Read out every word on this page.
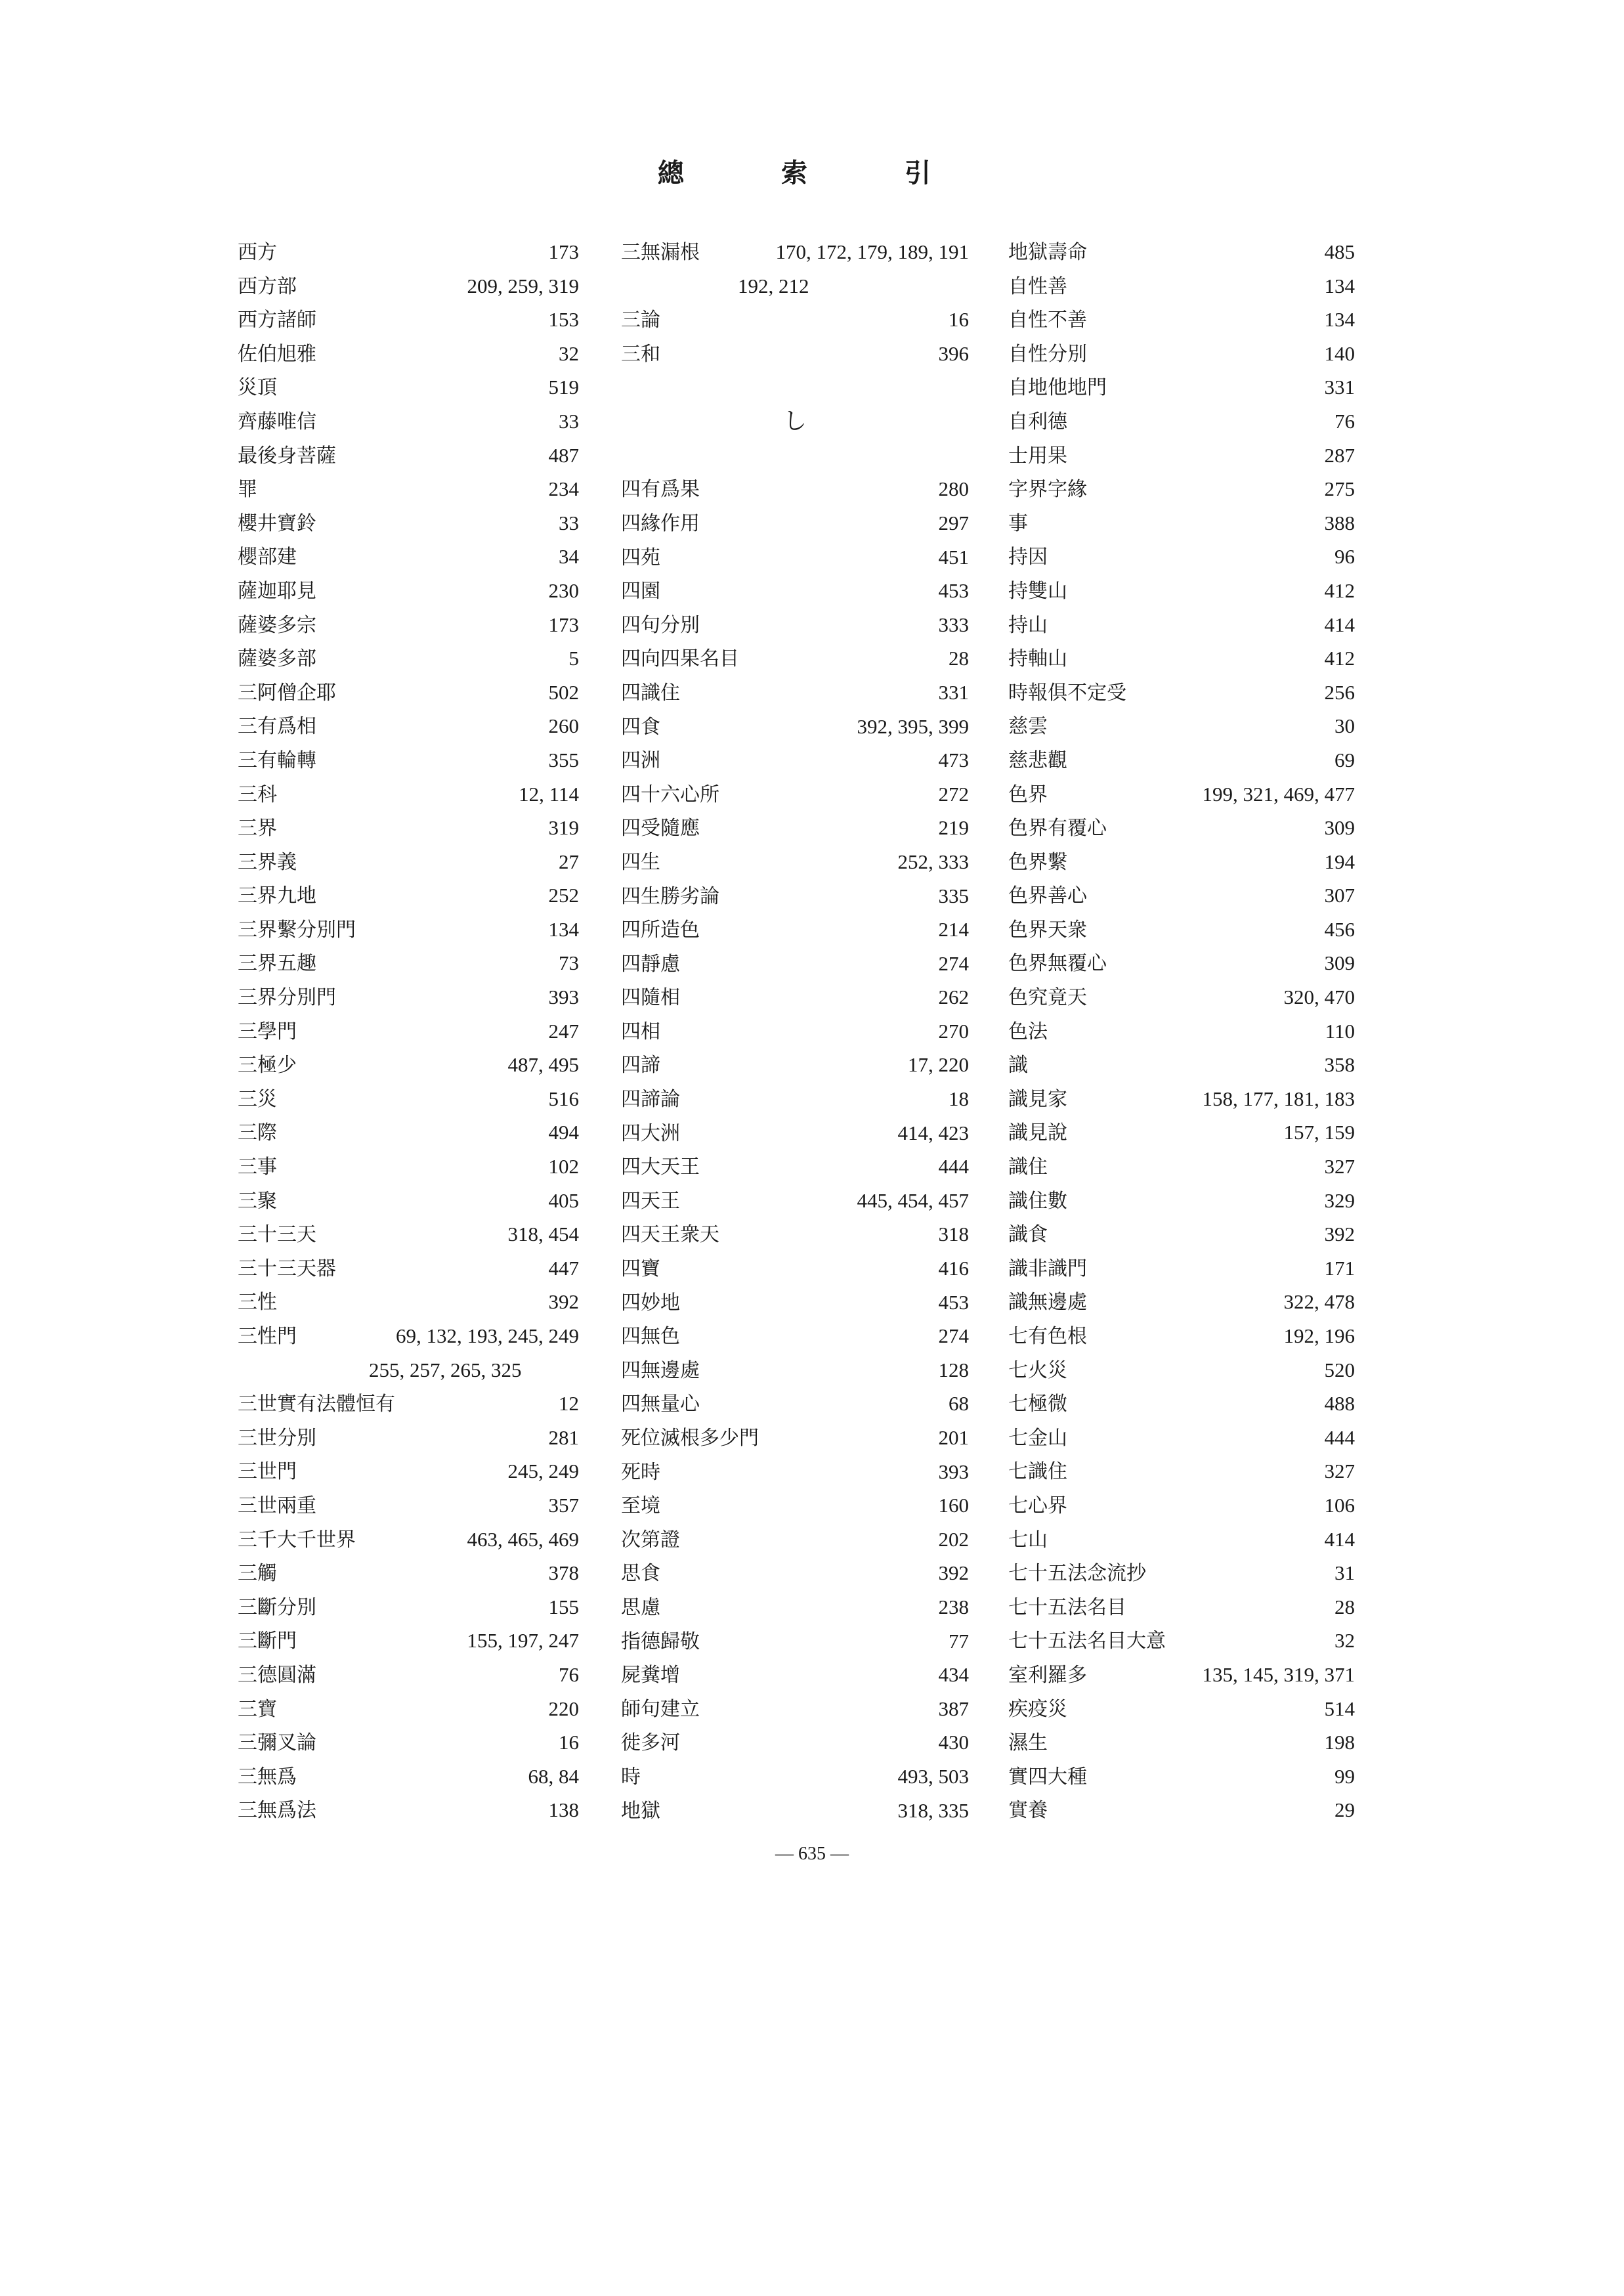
總　索　引
西方	173
西方部	209, 259, 319
西方諸師	153
佐伯旭雅	32
災頂	519
齊藤唯信	33
最後身菩薩	487
罪	234
櫻井寶鈴	33
櫻部建	34
薩迦耶見	230
薩婆多宗	173
薩婆多部	5
三阿僧企耶	502
三有爲相	260
三有輪轉	355
三科	12, 114
三界	319
三界義	27
三界九地	252
三界繫分別門	134
三界五趣	73
三界分別門	393
三學門	247
三極少	487, 495
三災	516
三際	494
三事	102
三聚	405
三十三天	318, 454
三十三天器	447
三性	392
三性門	69, 132, 193, 245, 249
255, 257, 265, 325
三世實有法體恒有	12
三世分別	281
三世門	245, 249
三世兩重	357
三千大千世界	463, 465, 469
三觸	378
三斷分別	155
三斷門	155, 197, 247
三德圓滿	76
三寶	220
三彌叉論	16
三無爲	68, 84
三無爲法	138
三無漏根	170, 172, 179, 189, 191
192, 212
三論	16
三和	396
し
四有爲果	280
四緣作用	297
四苑	451
四園	453
四句分別	333
四向四果名目	28
四識住	331
四食	392, 395, 399
四洲	473
四十六心所	272
四受隨應	219
四生	252, 333
四生勝劣論	335
四所造色	214
四靜慮	274
四隨相	262
四相	270
四諦	17, 220
四諦論	18
四大洲	414, 423
四大天王	444
四天王	445, 454, 457
四天王衆天	318
四寶	416
四妙地	453
四無色	274
四無邊處	128
四無量心	68
死位滅根多少門	201
死時	393
至境	160
次第證	202
思食	392
思慮	238
指德歸敬	77
屍糞增	434
師句建立	387
徙多河	430
時	493, 503
地獄	318, 335
地獄壽命	485
自性善	134
自性不善	134
自性分別	140
自地他地門	331
自利德	76
士用果	287
字界字緣	275
事	388
持因	96
持雙山	412
持山	414
持軸山	412
時報俱不定受	256
慈雲	30
慈悲觀	69
色界	199, 321, 469, 477
色界有覆心	309
色界繫	194
色界善心	307
色界天衆	456
色界無覆心	309
色究竟天	320, 470
色法	110
識	358
識見家	158, 177, 181, 183
識見說	157, 159
識住	327
識住數	329
識食	392
識非識門	171
識無邊處	322, 478
七有色根	192, 196
七火災	520
七極微	488
七金山	444
七識住	327
七心界	106
七山	414
七十五法念流抄	31
七十五法名目	28
七十五法名目大意	32
室利羅多	135, 145, 319, 371
疾疫災	514
濕生	198
實四大種	99
實養	29
— 635 —
